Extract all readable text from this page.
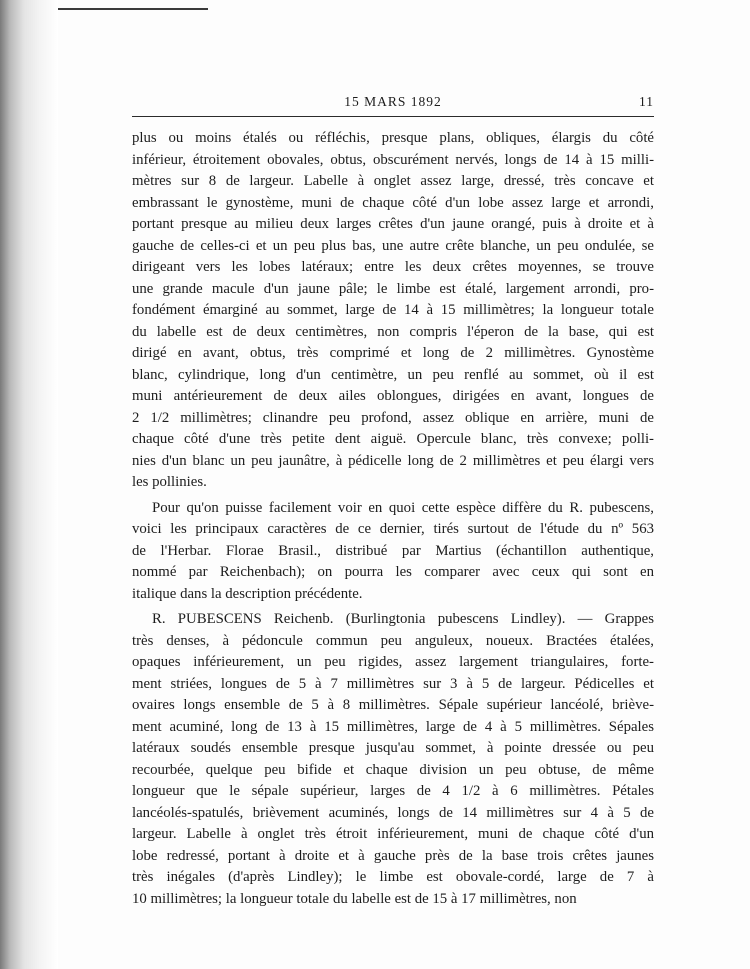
15 MARS 1892	11
plus ou moins étalés ou réfléchis, presque plans, obliques, élargis du côté
inférieur, étroitement obovales, obtus, obscurément nervés, longs de 14 à 15 milli-
mètres sur 8 de largeur. Labelle à onglet assez large, dressé, très concave et
embrassant le gynostème, muni de chaque côté d'un lobe assez large et arrondi,
portant presque au milieu deux larges crêtes d'un jaune orangé, puis à droite et à
gauche de celles-ci et un peu plus bas, une autre crête blanche, un peu ondulée, se
dirigeant vers les lobes latéraux; entre les deux crêtes moyennes, se trouve
une grande macule d'un jaune pâle; le limbe est étalé, largement arrondi, pro-
fondément émarginé au sommet, large de 14 à 15 millimètres; la longueur totale
du labelle est de deux centimètres, non compris l'éperon de la base, qui est
dirigé en avant, obtus, très comprimé et long de 2 millimètres. Gynostème
blanc, cylindrique, long d'un centimètre, un peu renflé au sommet, où il est
muni antérieurement de deux ailes oblongues, dirigées en avant, longues de
2 1/2 millimètres; clinandre peu profond, assez oblique en arrière, muni de
chaque côté d'une très petite dent aiguë. Opercule blanc, très convexe; polli-
nies d'un blanc un peu jaunâtre, à pédicelle long de 2 millimètres et peu élargi vers
les pollinies.
Pour qu'on puisse facilement voir en quoi cette espèce diffère du R. pubescens,
voici les principaux caractères de ce dernier, tirés surtout de l'étude du nº 563
de l'Herbar. Florae Brasil., distribué par Martius (échantillon authentique,
nommé par Reichenbach); on pourra les comparer avec ceux qui sont en
italique dans la description précédente.
R. PUBESCENS Reichenb. (Burlingtonia pubescens Lindley). — Grappes
très denses, à pédoncule commun peu anguleux, noueux. Bractées étalées,
opaques inférieurement, un peu rigides, assez largement triangulaires, forte-
ment striées, longues de 5 à 7 millimètres sur 3 à 5 de largeur. Pédicelles et
ovaires longs ensemble de 5 à 8 millimètres. Sépale supérieur lancéolé, briève-
ment acuminé, long de 13 à 15 millimètres, large de 4 à 5 millimètres. Sépales
latéraux soudés ensemble presque jusqu'au sommet, à pointe dressée ou peu
recourbée, quelque peu bifide et chaque division un peu obtuse, de même
longueur que le sépale supérieur, larges de 4 1/2 à 6 millimètres. Pétales
lancéolés-spatulés, brièvement acuminés, longs de 14 millimètres sur 4 à 5 de
largeur. Labelle à onglet très étroit inférieurement, muni de chaque côté d'un
lobe redressé, portant à droite et à gauche près de la base trois crêtes jaunes
très inégales (d'après Lindley); le limbe est obovale-cordé, large de 7 à
10 millimètres; la longueur totale du labelle est de 15 à 17 millimètres, non
